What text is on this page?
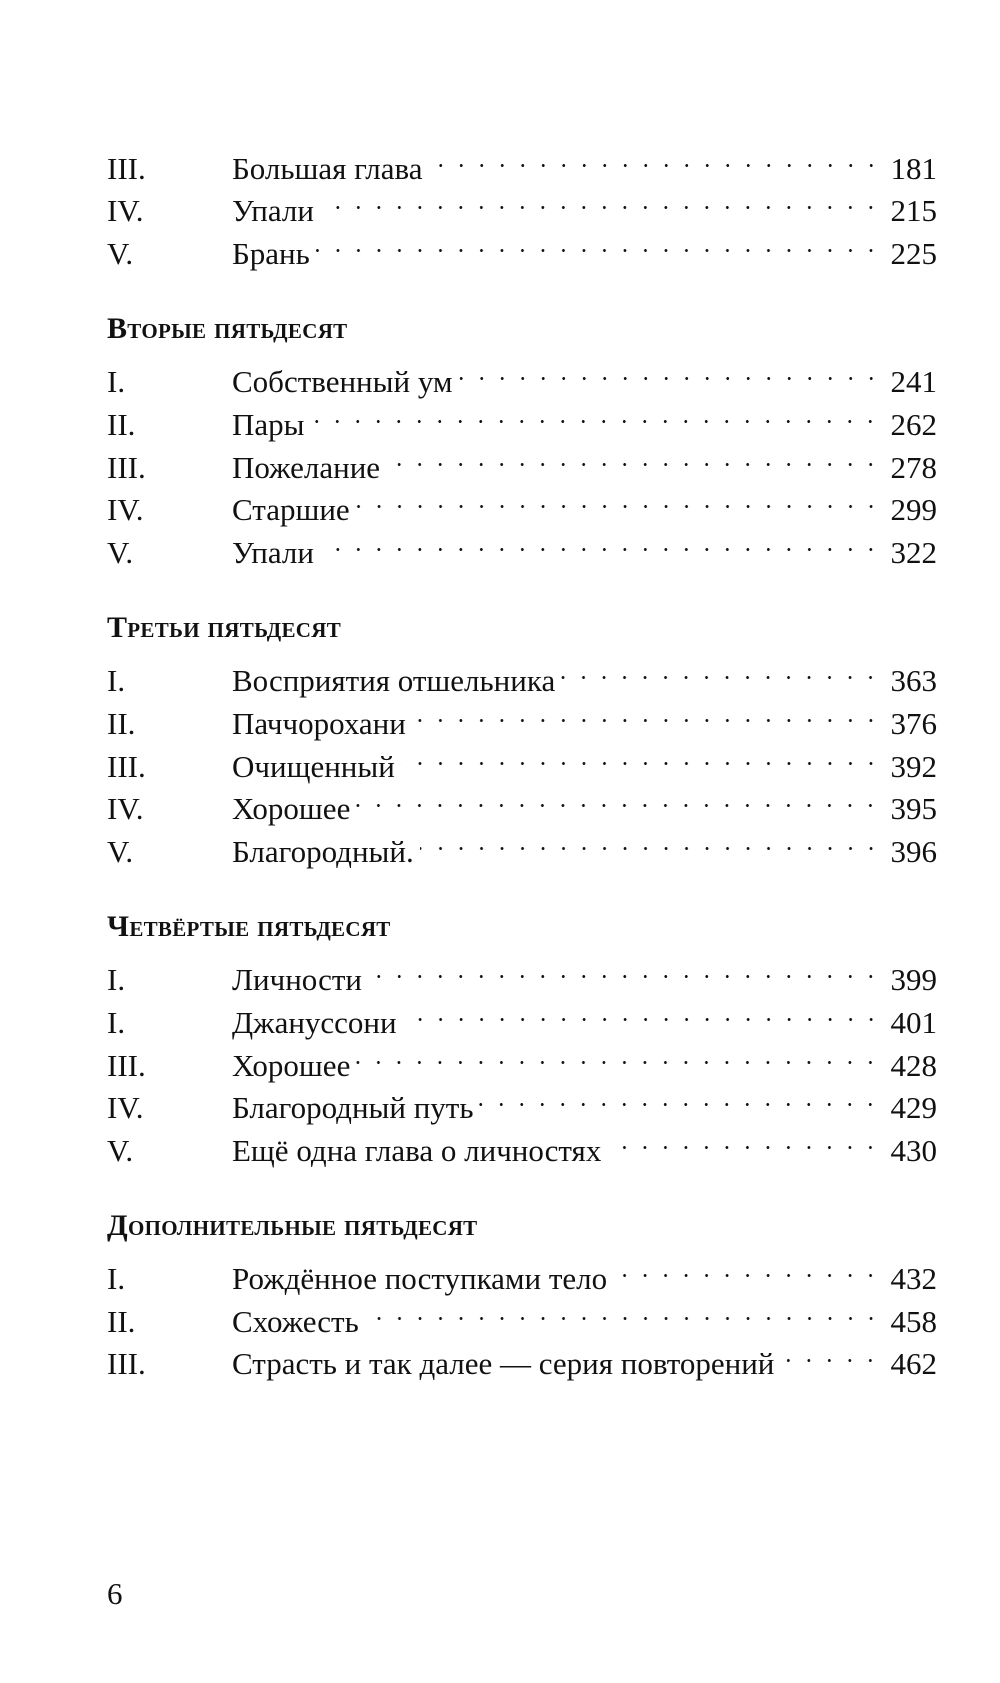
III.	Большая глава	181
IV.	Упали	215
V.	Брань	225
Вторые пятьдесят
I.	Собственный ум	241
II.	Пары	262
III.	Пожелание	278
IV.	Старшие	299
V.	Упали	322
Третьи пятьдесят
I.	Восприятия отшельника	363
II.	Паччорохани	376
III.	Очищенный	392
IV.	Хорошее	395
V.	Благородный.	396
Четвёртые пятьдесят
I.	Личности	399
I.	Джануссони	401
III.	Хорошее	428
IV.	Благородный путь	429
V.	Ещё одна глава о личностях	430
Дополнительные пятьдесят
I.	Рождённое поступками тело	432
II.	Схожесть	458
III.	Страсть и так далее — серия повторений	462
6
